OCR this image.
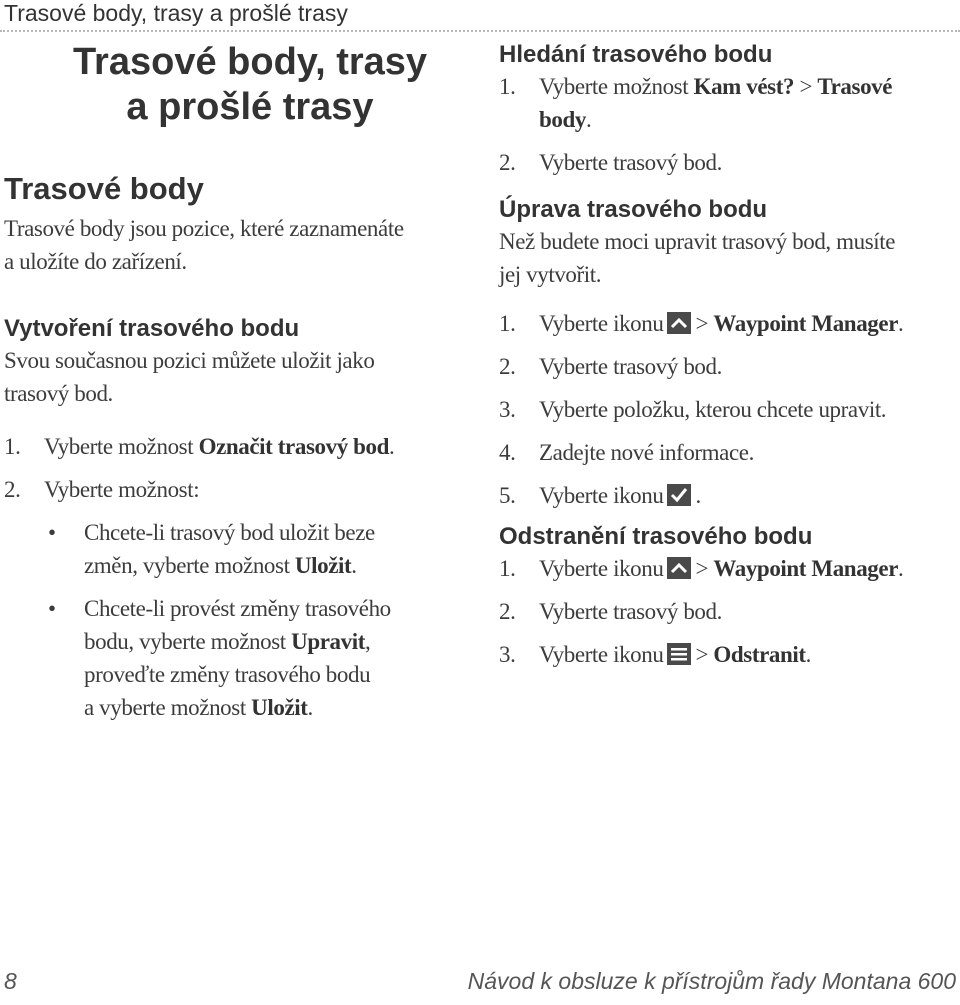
Trasové body, trasy a prošlé trasy
Trasové body, trasy
a prošlé trasy
Trasové body

Trasové body jsou pozice, které zaznamenáte

a uložíte do zařízení.

Vytvoření trasového bodu

Svou současnou pozici můžete uložit jako

trasový bod.

1.	Vyberte možnost Označit trasový bod.
2.	Vyberte možnost:
•	Chcete-li trasový bod uložit beze
změn, vyberte možnost Uložit.
•	Chcete-li provést změny trasového
bodu, vyberte možnost Upravit,
proveďte změny trasového bodu
a vyberte možnost Uložit.
Hledání trasového bodu
1.	Vyberte možnost Kam vést? > Trasové
body.
2.	Vyberte trasový bod.
Úprava trasového bodu

Než budete moci upravit trasový bod, musíte

jej vytvořit.

1.	Vyberte ikonu > Waypoint Manager.
2.	Vyberte trasový bod.
3.	Vyberte položku, kterou chcete upravit.
4.	Zadejte nové informace.
5.	Vyberte ikonu .
Odstranění trasového bodu
1.	Vyberte ikonu > Waypoint Manager.
2.	Vyberte trasový bod.
3.	Vyberte ikonu > Odstranit.
8	Návod k obsluze k přístrojům řady Montana 600
